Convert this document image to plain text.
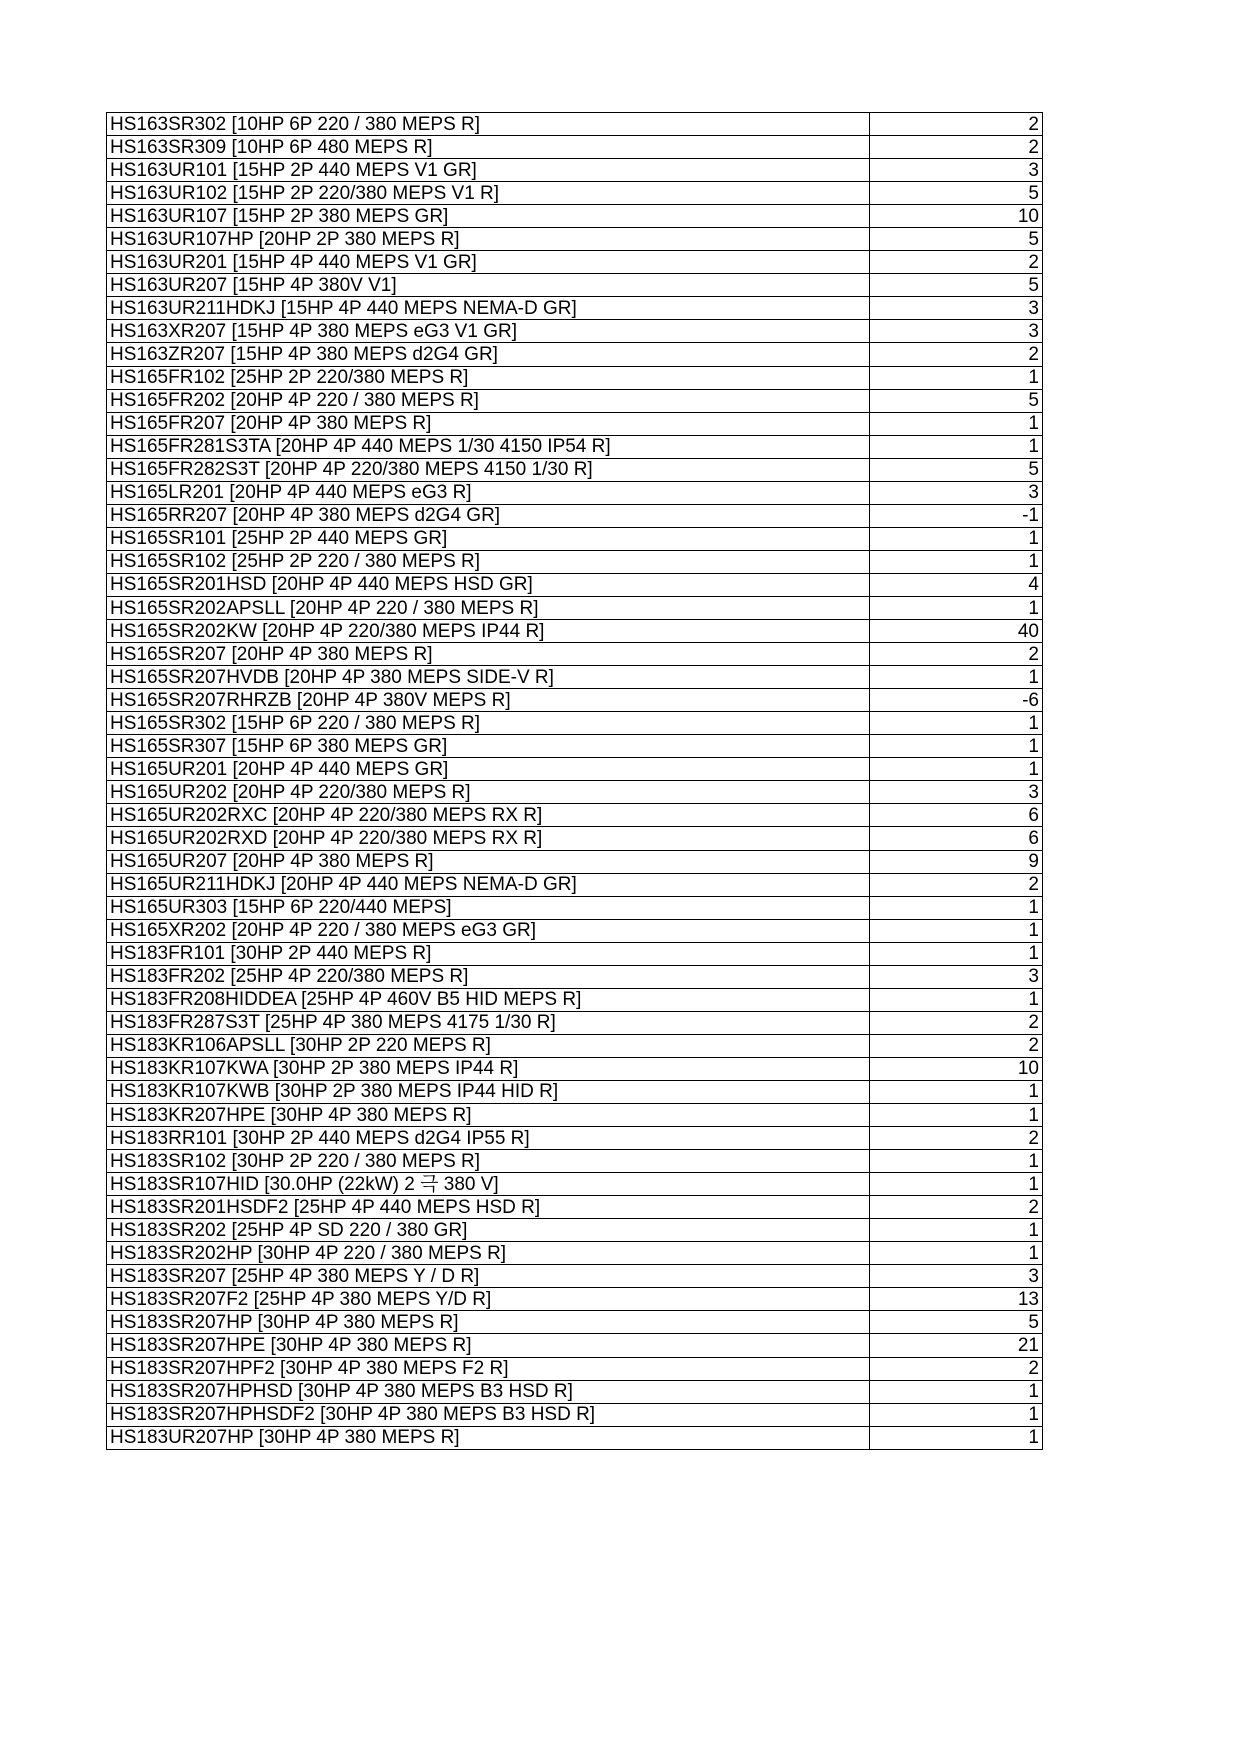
HS163SR302 [10HP 6P 220 / 380 MEPS R]	2
HS163SR309 [10HP 6P 480 MEPS R]	2
HS163UR101 [15HP 2P 440 MEPS V1 GR]	3
HS163UR102 [15HP 2P 220/380 MEPS V1 R]	5
HS163UR107 [15HP 2P 380 MEPS GR]	10
HS163UR107HP [20HP 2P 380 MEPS R]	5
HS163UR201 [15HP 4P 440 MEPS V1 GR]	2
HS163UR207 [15HP 4P 380V V1]	5
HS163UR211HDKJ [15HP 4P 440 MEPS NEMA-D GR]	3
HS163XR207 [15HP 4P 380 MEPS eG3 V1 GR]	3
HS163ZR207 [15HP 4P 380 MEPS d2G4 GR]	2
HS165FR102 [25HP 2P 220/380 MEPS R]	1
HS165FR202 [20HP 4P 220 / 380 MEPS R]	5
HS165FR207 [20HP 4P 380 MEPS R]	1
HS165FR281S3TA [20HP 4P 440 MEPS 1/30 4150 IP54 R]	1
HS165FR282S3T [20HP 4P 220/380 MEPS 4150 1/30 R]	5
HS165LR201 [20HP 4P 440 MEPS eG3 R]	3
HS165RR207 [20HP 4P 380 MEPS d2G4 GR]	-1
HS165SR101 [25HP 2P 440 MEPS GR]	1
HS165SR102 [25HP 2P 220 / 380 MEPS R]	1
HS165SR201HSD [20HP 4P 440 MEPS HSD GR]	4
HS165SR202APSLL [20HP 4P 220 / 380 MEPS R]	1
HS165SR202KW [20HP 4P 220/380 MEPS IP44 R]	40
HS165SR207 [20HP 4P 380 MEPS R]	2
HS165SR207HVDB [20HP 4P 380 MEPS SIDE-V R]	1
HS165SR207RHRZB [20HP 4P 380V MEPS R]	-6
HS165SR302 [15HP 6P 220 / 380 MEPS R]	1
HS165SR307 [15HP 6P 380 MEPS GR]	1
HS165UR201 [20HP 4P 440 MEPS GR]	1
HS165UR202 [20HP 4P 220/380 MEPS R]	3
HS165UR202RXC [20HP 4P 220/380 MEPS RX R]	6
HS165UR202RXD [20HP 4P 220/380 MEPS RX R]	6
HS165UR207 [20HP 4P 380 MEPS R]	9
HS165UR211HDKJ [20HP 4P 440 MEPS NEMA-D GR]	2
HS165UR303 [15HP 6P 220/440 MEPS]	1
HS165XR202 [20HP 4P 220 / 380 MEPS eG3 GR]	1
HS183FR101 [30HP 2P 440 MEPS R]	1
HS183FR202 [25HP 4P 220/380 MEPS R]	3
HS183FR208HIDDEA [25HP 4P 460V B5 HID MEPS R]	1
HS183FR287S3T [25HP 4P 380 MEPS 4175 1/30 R]	2
HS183KR106APSLL [30HP 2P 220 MEPS R]	2
HS183KR107KWA [30HP 2P 380 MEPS IP44 R]	10
HS183KR107KWB [30HP 2P 380 MEPS IP44 HID R]	1
HS183KR207HPE [30HP 4P 380 MEPS R]	1
HS183RR101 [30HP 2P 440 MEPS d2G4 IP55 R]	2
HS183SR102 [30HP 2P 220 / 380 MEPS R]	1
HS183SR107HID [30.0HP (22kW) 2 극 380 V]	1
HS183SR201HSDF2 [25HP 4P 440 MEPS HSD R]	2
HS183SR202 [25HP 4P SD 220 / 380 GR]	1
HS183SR202HP [30HP 4P 220 / 380 MEPS R]	1
HS183SR207 [25HP 4P 380 MEPS Y / D R]	3
HS183SR207F2 [25HP 4P 380 MEPS Y/D R]	13
HS183SR207HP [30HP 4P 380 MEPS R]	5
HS183SR207HPE [30HP 4P 380 MEPS R]	21
HS183SR207HPF2 [30HP 4P 380 MEPS F2 R]	2
HS183SR207HPHSD [30HP 4P 380 MEPS B3 HSD R]	1
HS183SR207HPHSDF2 [30HP 4P 380 MEPS B3 HSD R]	1
HS183UR207HP [30HP 4P 380 MEPS R]	1
